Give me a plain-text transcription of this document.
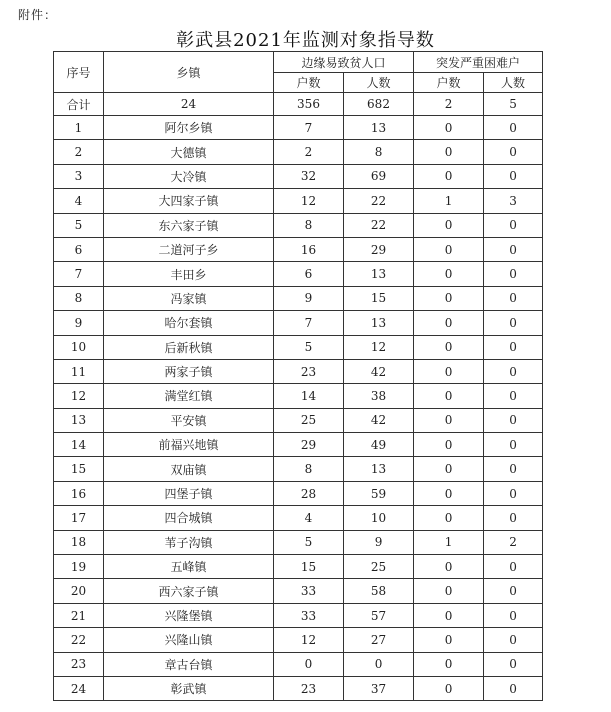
附件：
彰武县2021年监测对象指导数
序号	乡镇	边缘易致贫人口		突发严重困难户	
		户数	人数	户数	人数
合计	24	356	682	2	5
1	阿尔乡镇	7	13	0	0
2	大德镇	2	8	0	0
3	大冷镇	32	69	0	0
4	大四家子镇	12	22	1	3
5	东六家子镇	8	22	0	0
6	二道河子乡	16	29	0	0
7	丰田乡	6	13	0	0
8	冯家镇	9	15	0	0
9	哈尔套镇	7	13	0	0
10	后新秋镇	5	12	0	0
11	两家子镇	23	42	0	0
12	满堂红镇	14	38	0	0
13	平安镇	25	42	0	0
14	前福兴地镇	29	49	0	0
15	双庙镇	8	13	0	0
16	四堡子镇	28	59	0	0
17	四合城镇	4	10	0	0
18	苇子沟镇	5	9	1	2
19	五峰镇	15	25	0	0
20	西六家子镇	33	58	0	0
21	兴隆堡镇	33	57	0	0
22	兴隆山镇	12	27	0	0
23	章古台镇	0	0	0	0
24	彰武镇	23	37	0	0
